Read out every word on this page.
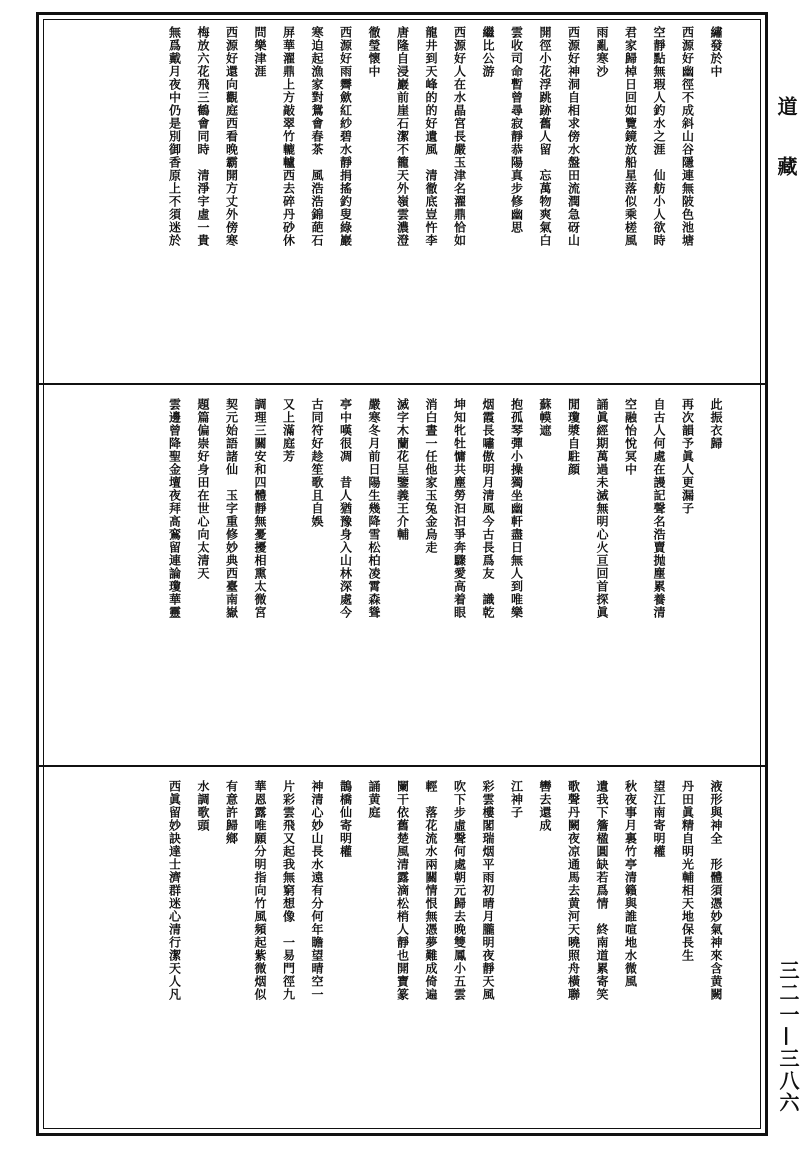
道藏
三二一—三八六
繡發於中
西源好幽徑不成斜山谷隱連無陂色池塘
空靜點無瑕人釣水之涯　仙舫小人欲時
君家歸棹日回如覽鏡放船星落似乘槎風
雨亂寒沙
西源好神洞自相求傍水盤田流潤急砑山
開徑小花浮跳跡舊人留　忘萬物爽氣白
雲收司命暫曾尋寂靜恭陽真步修幽思
繼比公游
西源好人在水晶宮長嚴玉津名濯鼎恰如
龍井到天峰的的好遺風　清徹底豈忤李
唐隆自浸巖前崖石潔不籠天外嶺雲濃澄
徹瑩懷中
西源好雨霽歛紅紗碧水靜捐搖釣叟綠巖
寒迫起漁家對鴛會春茶　風浩浩錦葩石
屏華濯鼎上方敲翠竹轆轤西去碎丹砂休
問樂津涯
西源好還向觀庭西看晚霸開方丈外傍寒
梅放六花飛三鶴會同時　清淨宇虛一貴
無爲戴月夜中仍是別御香原上不須迷於
此振衣歸
再次韻予眞人更漏子
自古人何處在謾記聲名浩賣抛塵累養清
空融怡悅冥中
誦眞經期萬過未滅無明心火亘回首探眞
閒瓊漿自駐顔
蘇幙遮
抱孤琴彈小操獨坐幽軒盡日無人到唯樂
烟霞長嘯傲明月清風今古長爲友　識乾
坤知牝牡慵共塵勞汩汩爭奔驟愛高着眼
消白晝一任他家玉兔金烏走
滅字木蘭花呈鑒義王介輔
嚴寒冬月前日陽生幾降雪松柏凌霄森聳
亭中嘆很凋　昔人猶豫身入山林深處今
古同符好趁笙歌且自娛
又上滿庭芳
調理三關安和四體靜無憂擾相熏太微宮
契元始語諸仙　玉字重修妙典西臺南嶽
題篇偏崇好身田在世心向太清天
雲邊曾降聖金壇夜拜髙鵉留連論瓊華靈
液形與神全　形體須憑妙氣神來含黄闕
丹田眞精自明光輔相天地保長生
望江南寄明權
秋夜事月裏竹亭清籟與誰喧地水微風
遺我下簷楹圓缺若爲情　終南道累寄笑
歌聲丹闕夜凉通馬去黄河天曉照舟橫聯
轡去還成
江神子
彩雲樓閣瑞烟平雨初晴月朧明夜靜天風
吹下步虛聲何處朝元歸去晚雙鳳小五雲
輕　落花流水兩關情恨無憑夢難成倚遍
闌干依舊楚風清露滴松梢人靜也開寶篆
誦黄庭
鵲橋仙寄明權
神清心妙山長水遠有分何年瞻望晴空一
片彩雲飛又起我無窮想像　一易門徑九
華恩露唯願分明指向竹風頻起紫微烟似
有意許歸鄉
水調歌頭
西眞留妙訣達士濟群迷心清行潔天人凡
